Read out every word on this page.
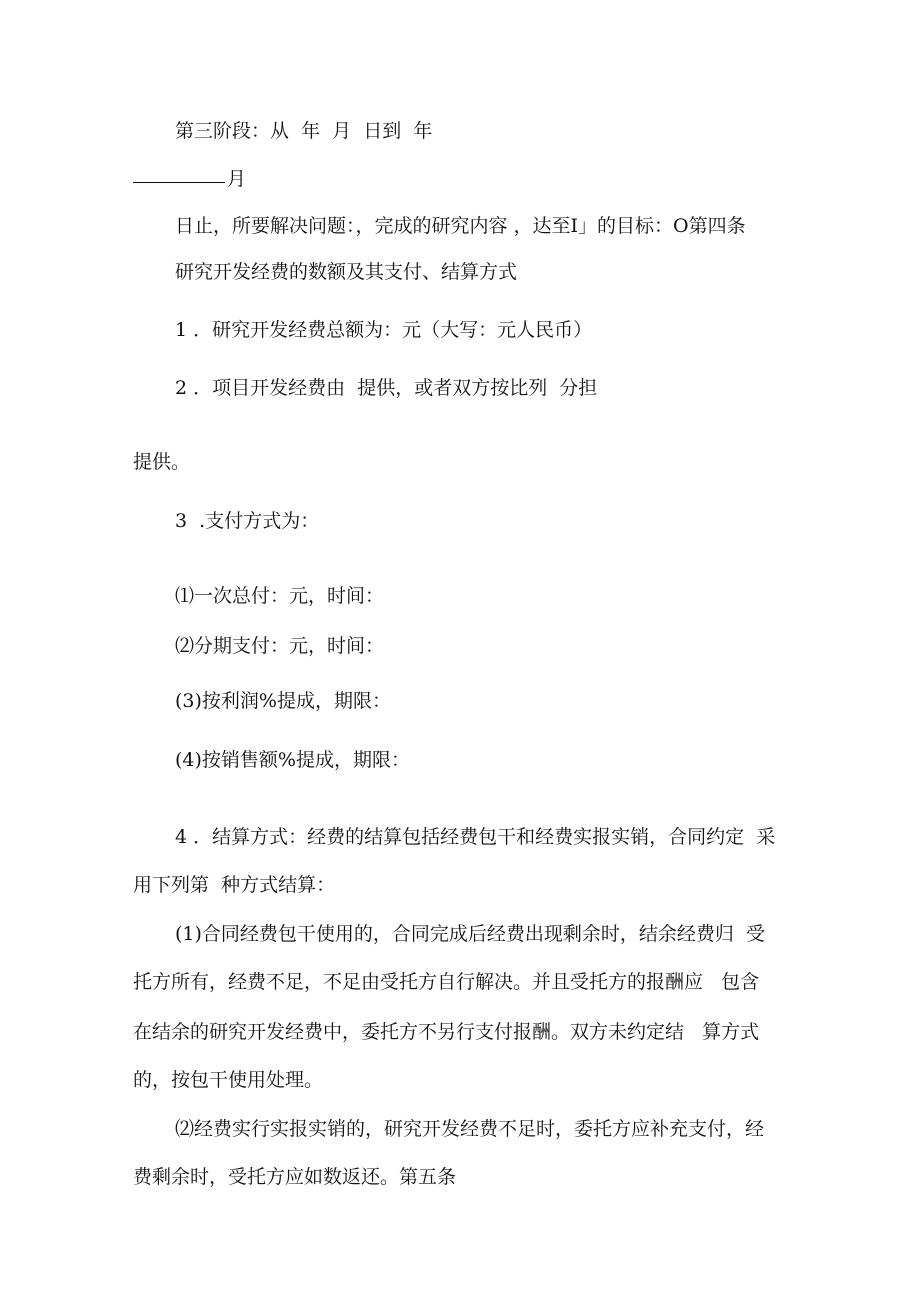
第三阶段：从  年  月  日到  年

月

日止，所要解决问题：，完成的研究内容 ，达至I」的目标：O第四条

研究开发经费的数额及其支付、结算方式

1 ．研究开发经费总额为：元（大写：元人民币）

2 ．项目开发经费由  提供，或者双方按比列  分担

提供。

3  .支付方式为：

⑴一次总付：元，时间：

⑵分期支付：元，时间：

(3)按利润%提成，期限：

(4)按销售额%提成，期限：

4 ．结算方式：经费的结算包括经费包干和经费实报实销，合同约定  采

用下列第  种方式结算：

(1)合同经费包干使用的，合同完成后经费出现剩余时，结余经费归  受

托方所有，经费不足，不足由受托方自行解决。并且受托方的报酬应   包含

在结余的研究开发经费中，委托方不另行支付报酬。双方未约定结   算方式

的，按包干使用处理。

⑵经费实行实报实销的，研究开发经费不足时，委托方应补充支付，经

费剩余时，受托方应如数返还。第五条
